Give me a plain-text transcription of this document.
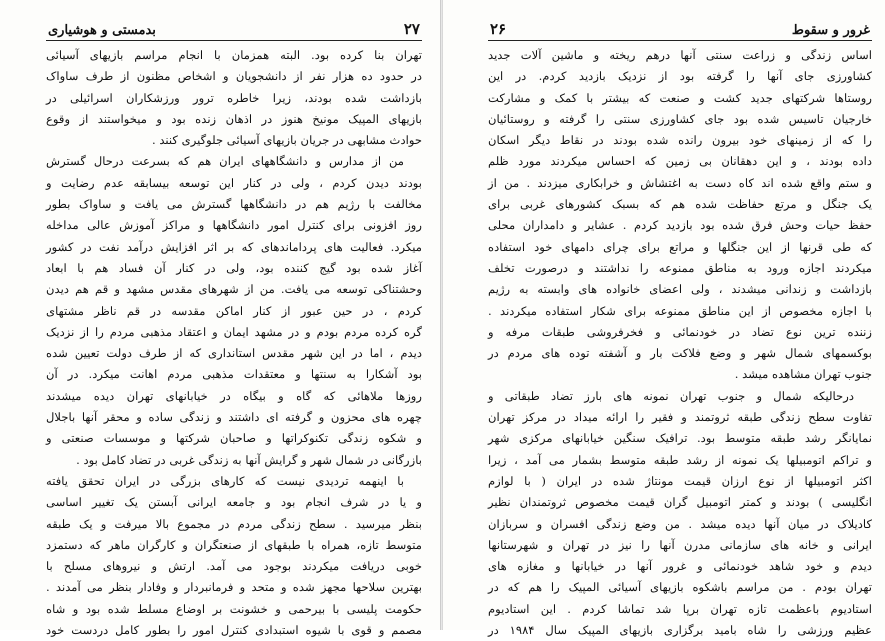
غرور و سقوط
۲۶
اساس زندگی و زراعت سنتی آنها درهم ریخته و ماشین آلات جدید
کشاورزی جای آنها را گرفته بود از نزدیک بازدید کردم. در این
روستاها شرکتهای جدید کشت و صنعت که بیشتر با کمک و مشارکت
خارجیان تاسیس شده بود جای کشاورزی سنتی را گرفته و روستائیان
را که از زمینهای خود بیرون رانده شده بودند در نقاط دیگر اسکان
داده بودند ، و این دهقانان بی زمین که احساس میکردند مورد ظلم
و ستم واقع شده اند کاه دست به اغتشاش و خرابکاری میزدند . من از
یک جنگل و مرتع حفاظت شده هم که بسبک کشورهای غربی برای
حفظ حیات وحش فرق شده بود بازدید کردم . عشایر و دامداران محلی
که طی قرنها از این جنگلها و مراتع برای چرای دامهای خود استفاده
میکردند اجازه ورود به مناطق ممنوعه را نداشتند و درصورت تخلف
بازداشت و زندانی میشدند ، ولی اعضای خانواده های وابسته به رژیم
با اجازه مخصوص از این مناطق ممنوعه برای شکار استفاده میکردند .
زننده ترین نوع تضاد در خودنمائی و فخرفروشی طبقات مرفه و
بوکسمهای شمال شهر و وضع فلاکت بار و آشفته توده های مردم در
جنوب تهران مشاهده میشد .
درحالیکه شمال و جنوب تهران نمونه های بارز تضاد طبقاتی و
تفاوت سطح زندگی طبقه ثروتمند و فقیر را ارائه میداد در مرکز تهران
نمایانگر رشد طبقه متوسط بود. ترافیک سنگین خیابانهای مرکزی شهر
و تراکم اتومبیلها یک نمونه از رشد طبقه متوسط بشمار می آمد ، زیرا
اکثر اتومبیلها از نوع ارزان قیمت مونتاژ شده در ایران ( با لوازم
انگلیسی ) بودند و کمتر اتومبیل گران قیمت مخصوص ثروتمندان نظیر
کادیلاک در میان آنها دیده میشد . من وضع زندگی افسران و سربازان
ایرانی و خانه های سازمانی مدرن آنها را نیز در تهران و شهرستانها
دیدم و خود شاهد خودنمائی و غرور آنها در خیابانها و مغازه های
تهران بودم . من مراسم باشکوه بازیهای آسیائی المپیک را هم که در
استادیوم باعظمت تازه تهران برپا شد تماشا کردم . این استادیوم
عظیم ورزشی را شاه بامید برگزاری بازیهای المپیک سال ۱۹۸۴ در
۲۷
بدمستی و هوشیاری
تهران بنا کرده بود. البته همزمان با انجام مراسم بازیهای آسیائی
در حدود ده هزار نفر از دانشجویان و اشخاص مظنون از طرف ساواک
بازداشت شده بودند، زیرا خاطره ترور ورزشکاران اسرائیلی در
بازیهای المپیک مونیخ هنوز در اذهان زنده بود و میخواستند از وقوع
حوادث مشابهی در جریان بازیهای آسیائی جلوگیری کنند .
من از مدارس و دانشگاههای ایران هم که بسرعت درحال گسترش
بودند دیدن کردم ، ولی در کنار این توسعه بیسابقه عدم رضایت و
مخالفت با رژیم هم در دانشگاهها گسترش می یافت و ساواک بطور
روز افزونی برای کنترل امور دانشگاهها و مراکز آموزش عالی مداخله
میکرد. فعالیت های پرداماندهای که بر اثر افزایش درآمد نفت در کشور
آغاز شده بود گیج کننده بود، ولی در کنار آن فساد هم با ابعاد
وحشتناکی توسعه می یافت. من از شهرهای مقدس مشهد و قم هم دیدن
کردم ، در حین عبور از کنار اماکن مقدسه در قم ناظر مشتهای
گره کرده مردم بودم و در مشهد ایمان و اعتقاد مذهبی مردم را از نزدیک
دیدم ، اما در این شهر مقدس استانداری که از طرف دولت تعیین شده
بود آشکارا به سنتها و معتقدات مذهبی مردم اهانت میکرد. در آن
روزها ملاهائی که گاه و بیگاه در خیابانهای تهران دیده میشدند
چهره های محزون و گرفته ای داشتند و زندگی ساده و محقر آنها باجلال
و شکوه زندگی تکنوکراتها و صاحبان شرکتها و موسسات صنعتی و
بازرگانی در شمال شهر و گرایش آنها به زندگی غربی در تضاد کامل بود .
با اینهمه تردیدی نیست که کارهای بزرگی در ایران تحقق یافته
و یا در شرف انجام بود و جامعه ایرانی آبستن یک تغییر اساسی
بنظر میرسید . سطح زندگی مردم در مجموع بالا میرفت و یک طبقه
متوسط تازه، همراه با طبقهای از صنعتگران و کارگران ماهر که دستمزد
خوبی دریافت میکردند بوجود می آمد. ارتش و نیروهای مسلح با
بهترین سلاحها مجهز شده و متحد و فرمانبردار و وفادار بنظر می آمدند .
حکومت پلیسی با بیرحمی و خشونت بر اوضاع مسلط شده بود و شاه
مصمم و قوی با شیوه استبدادی کنترل امور را بطور کامل دردست خود
